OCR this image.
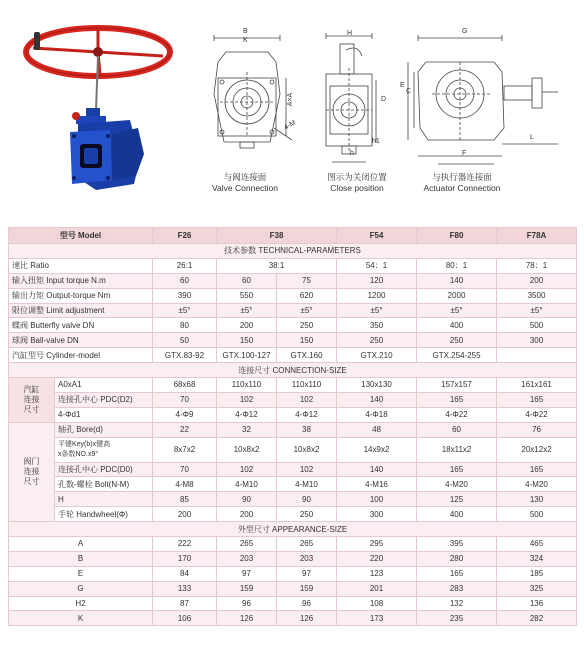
B
K
4-M
A×A
H
D
h1
h
G
E
C
F
L
与阀连接面
Valve Connection
图示为关闭位置
Close position
与执行器连接面
Actuator Connection
型号 Model		F26	F38		F54	F80	F78A
技术参数 TECHNICAL-PARAMETERS							
速比 Ratio		26:1	38:1		54：1	80：1	78：1
输入扭矩 Input torque N.m		60	60	75	120	140	200
输出力矩 Output-torque Nm		390	550	620	1200	2000	3500
限位调整 Limit adjustment		±5°	±5°	±5°	±5°	±5°	±5°
蝶阀 Butterfly valve DN		80	200	250	350	400	500
球阀 Ball-valve DN		50	150	150	250	250	300
汽缸型号 Cylinder-model		GTX.83-92	GTX.100-127	GTX.160	GTX.210	GTX.254-255	
连接尺寸 CONNECTION-SIZE							
汽缸
连接
尺寸	A0xA1	68x68	110x110	110x110	130x130	157x157	161x161
	连接孔中心 PDC(D2)	70	102	102	140	165	165
	4-Φd1	4-Φ9	4-Φ12	4-Φ12	4-Φ18	4-Φ22	4-Φ22
阀门
连接
尺寸	轴孔 Bore(d)	22	32	38	48	60	76
	平键Key(b)x键高
x条数NO.x9°	8x7x2	10x8x2	10x8x2	14x9x2	18x11x2	20x12x2
	连接孔中心 PDC(D0)	70	102	102	140	165	165
	孔数-螺栓 Bolt(N-M)	4-M8	4-M10	4-M10	4-M16	4-M20	4-M20
	H	85	90	90	100	125	130
	手轮 Handwheel(Φ)	200	200	250	300	400	500
外型尺寸 APPEARANCE-SIZE							
A		222	265	265	295	395	465
B		170	203	203	220	280	324
E		84	97	97	123	165	185
G		133	159	159	201	283	325
H2		87	96	96	108	132	136
K		106	126	126	173	235	282
